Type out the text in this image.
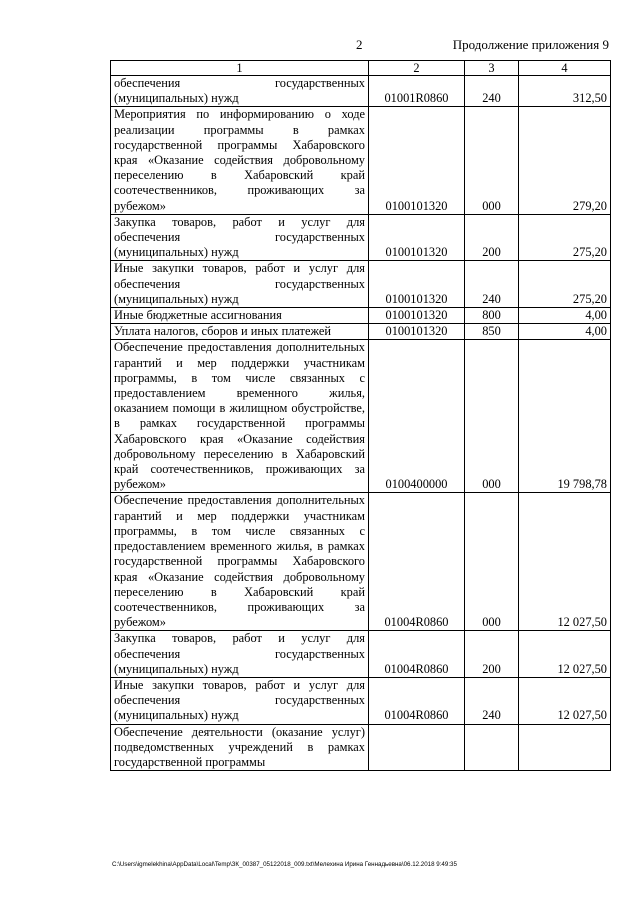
2	Продолжение приложения 9
1	2	3	4
обеспечения государственных (муниципальных) нужд	01001R0860	240	312,50
Мероприятия по информированию о ходе реализации программы в рамках государственной программы Хабаровского края «Оказание содействия добровольному переселению в Хабаровский край соотечественников, проживающих за рубежом»	0100101320	000	279,20
Закупка товаров, работ и услуг для обеспечения государственных (муниципальных) нужд	0100101320	200	275,20
Иные закупки товаров, работ и услуг для обеспечения государственных (муниципальных) нужд	0100101320	240	275,20
Иные бюджетные ассигнования	0100101320	800	4,00
Уплата налогов, сборов и иных платежей	0100101320	850	4,00
Обеспечение предоставления дополнительных гарантий и мер поддержки участникам программы, в том числе связанных с предоставлением временного жилья, оказанием помощи в жилищном обустройстве, в рамках государственной программы Хабаровского края «Оказание содействия добровольному переселению в Хабаровский край соотечественников, проживающих за рубежом»	0100400000	000	19 798,78
Обеспечение предоставления дополнительных гарантий и мер поддержки участникам программы, в том числе связанных с предоставлением временного жилья, в рамках государственной программы Хабаровского края «Оказание содействия добровольному переселению в Хабаровский край соотечественников, проживающих за рубежом»	01004R0860	000	12 027,50
Закупка товаров, работ и услуг для обеспечения государственных (муниципальных) нужд	01004R0860	200	12 027,50
Иные закупки товаров, работ и услуг для обеспечения государственных (муниципальных) нужд	01004R0860	240	12 027,50
Обеспечение деятельности (оказание услуг) подведомственных учреждений в рамках государственной программы			
C:\Users\igmelekhina\AppData\Local\Temp\ЗК_00387_05122018_009.txt\Мелехина Ирина Геннадьевна\06.12.2018 9:49:35
